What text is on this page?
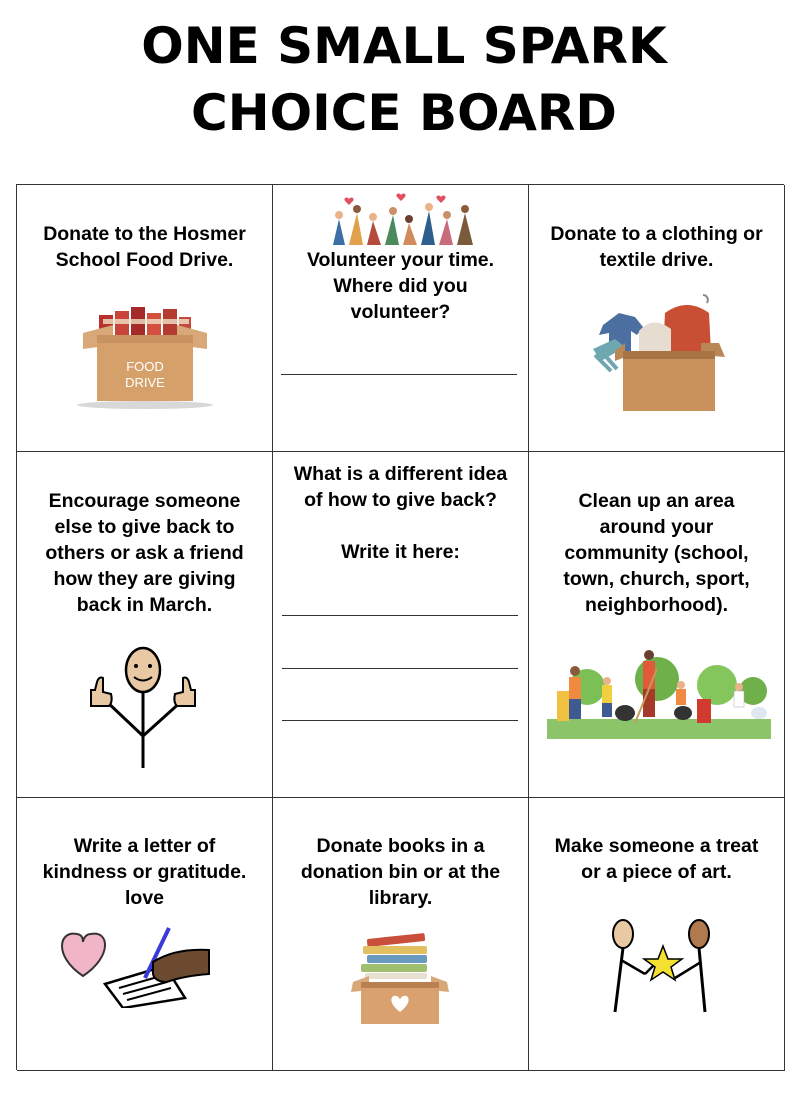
ONE SMALL SPARK
CHOICE BOARD
Donate to the Hosmer
School Food Drive.
FOOD
DRIVE
Volunteer your time.
Where did you
volunteer?
Donate to a clothing or
textile drive.
Encourage someone
else to give back to
others or ask a friend
how they are giving
back in March.
What is a different idea
of how to give back?
Write it here:
Clean up an area
around your
community (school,
town, church, sport,
neighborhood).
Write a letter of
kindness or gratitude.
love
Donate books in a
donation bin or at the
library.
Make someone a treat
or a piece of art.
